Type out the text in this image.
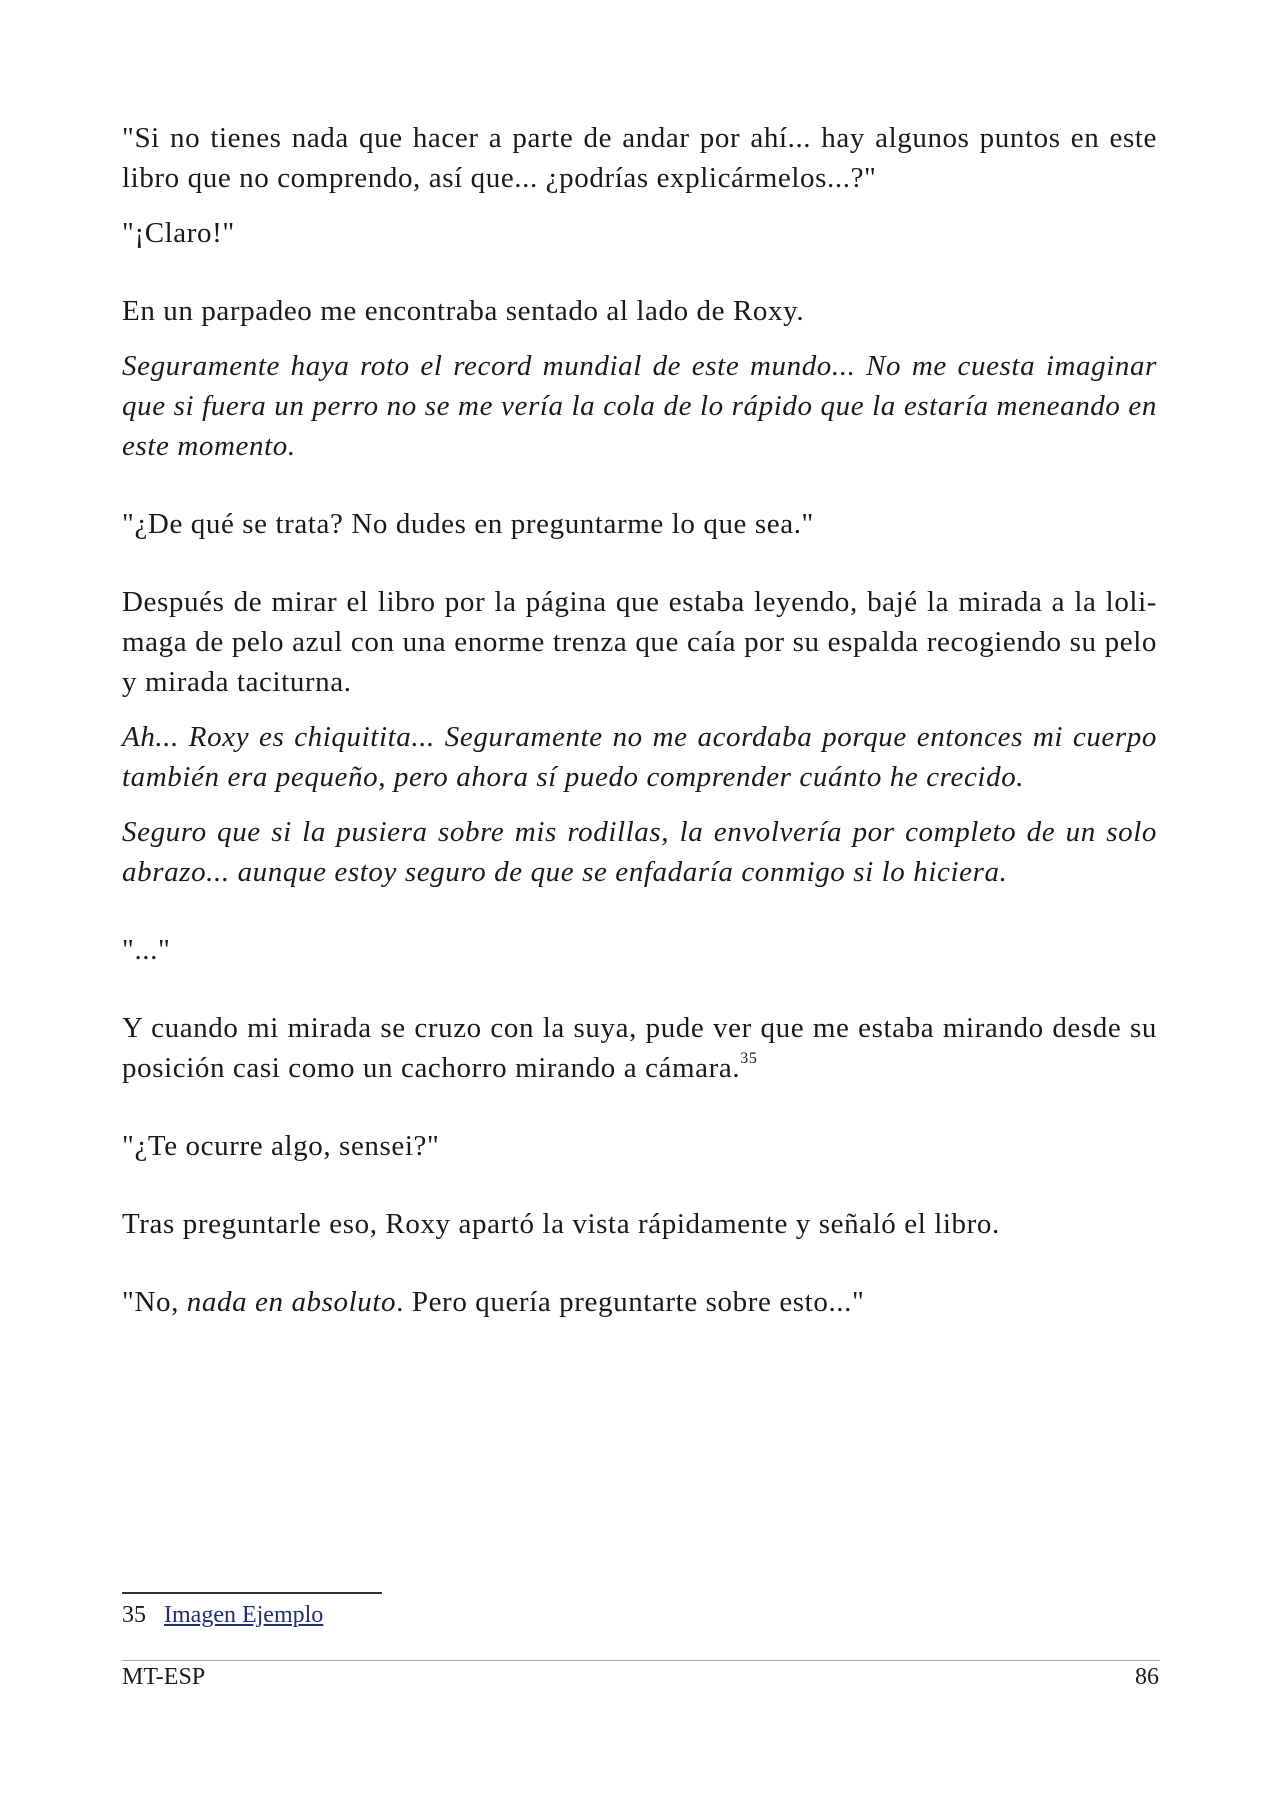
"Si no tienes nada que hacer a parte de andar por ahí... hay algunos puntos en este libro que no comprendo, así que... ¿podrías explicármelos...?"

"¡Claro!"

En un parpadeo me encontraba sentado al lado de Roxy.

Seguramente haya roto el record mundial de este mundo... No me cuesta imaginar que si fuera un perro no se me vería la cola de lo rápido que la estaría meneando en este momento.

"¿De qué se trata? No dudes en preguntarme lo que sea."

Después de mirar el libro por la página que estaba leyendo, bajé la mirada a la loli-maga de pelo azul con una enorme trenza que caía por su espalda recogiendo su pelo y mirada taciturna.

Ah... Roxy es chiquitita... Seguramente no me acordaba porque entonces mi cuerpo también era pequeño, pero ahora sí puedo comprender cuánto he crecido.

Seguro que si la pusiera sobre mis rodillas, la envolvería por completo de un solo abrazo... aunque estoy seguro de que se enfadaría conmigo si lo hiciera.

"..."

Y cuando mi mirada se cruzo con la suya, pude ver que me estaba mirando desde su posición casi como un cachorro mirando a cámara.$^{35}$

"¿Te ocurre algo, sensei?"

Tras preguntarle eso, Roxy apartó la vista rápidamente y señaló el libro.

"No, nada en absoluto. Pero quería preguntarte sobre esto..."

35 Imagen Ejemplo
MT-ESP	86
